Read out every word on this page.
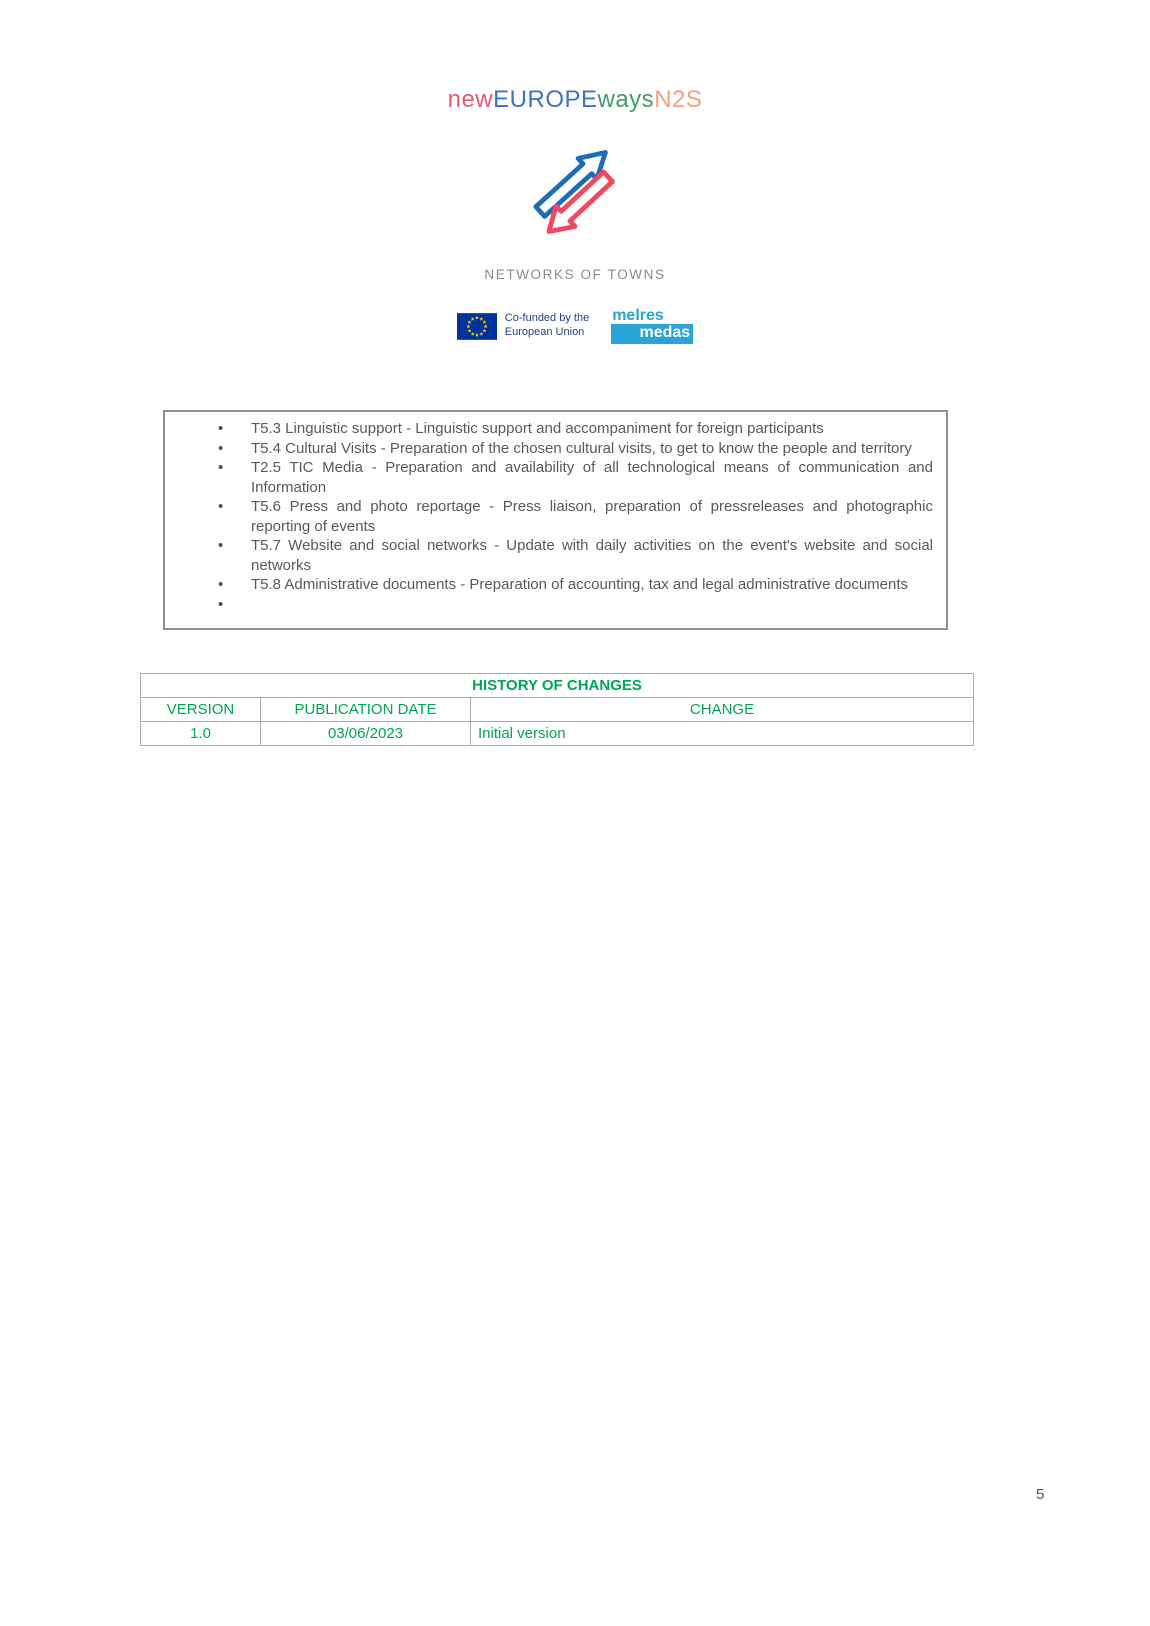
newEUROPEwaysN2S
NETWORKS OF TOWNS
Co-funded by the
European Union
melres
medas
• T5.3 Linguistic support - Linguistic support and accompaniment for foreign participants
• T5.4 Cultural Visits - Preparation of the chosen cultural visits, to get to know the people and territory
• T2.5 TIC Media - Preparation and availability of all technological means of communication and Information
• T5.6 Press and photo reportage - Press liaison, preparation of pressreleases and photographic reporting of events
• T5.7 Website and social networks - Update with daily activities on the event's website and social networks
• T5.8 Administrative documents - Preparation of accounting, tax and legal administrative documents
•
HISTORY OF CHANGES		
VERSION	PUBLICATION DATE	CHANGE
1.0	03/06/2023	Initial version
5
